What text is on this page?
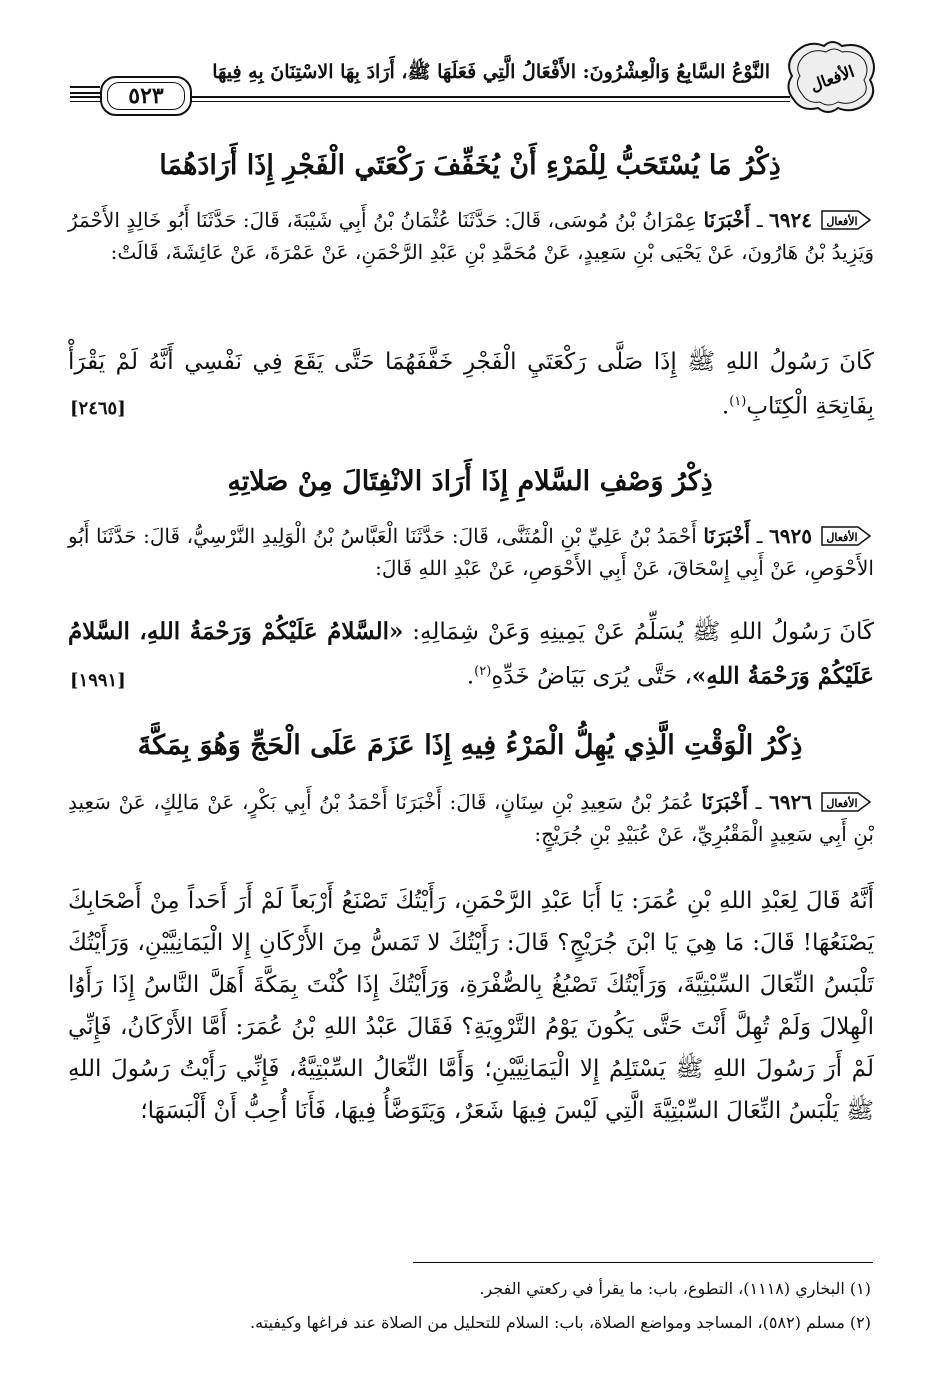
الأفعال
النَّوْعُ السَّابِعُ وَالْعِشْرُونَ: الأَفْعَالُ الَّتِي فَعَلَهَا ﷺ، أَرَادَ بِهَا الاسْتِنَانَ بِهِ فِيهَا
٥٢٣
ذِكْرُ مَا يُسْتَحَبُّ لِلْمَرْءِ أَنْ يُخَفِّفَ رَكْعَتَي الْفَجْرِ إِذَا أَرَادَهُمَا
الأفعال
٦٩٢٤ ـ أَخْبَرَنَا عِمْرَانُ بْنُ مُوسَى، قَالَ: حَدَّثَنَا عُثْمَانُ بْنُ أَبِي شَيْبَةَ، قَالَ: حَدَّثَنَا أَبُو خَالِدٍ الأَحْمَرُ وَيَزِيدُ بْنُ هَارُونَ، عَنْ يَحْيَى بْنِ سَعِيدٍ، عَنْ مُحَمَّدِ بْنِ عَبْدِ الرَّحْمَنِ، عَنْ عَمْرَةَ، عَنْ عَائِشَةَ، قَالَتْ:
كَانَ رَسُولُ اللهِ ﷺ إِذَا صَلَّى رَكْعَتَيِ الْفَجْرِ خَفَّفَهُمَا حَتَّى يَقَعَ فِي نَفْسِي أَنَّهُ لَمْ يَقْرَأْ بِفَاتِحَةِ الْكِتَابِ$^{(١)}$.
[٢٤٦٥]
ذِكْرُ وَصْفِ السَّلامِ إِذَا أَرَادَ الانْفِتَالَ مِنْ صَلاتِهِ
الأفعال
٦٩٢٥ ـ أَخْبَرَنَا أَحْمَدُ بْنُ عَلِيِّ بْنِ الْمُثَنَّى، قَالَ: حَدَّثَنَا الْعَبَّاسُ بْنُ الْوَلِيدِ النَّرْسِيُّ، قَالَ: حَدَّثَنَا أَبُو الأَحْوَصِ، عَنْ أَبِي إِسْحَاقَ، عَنْ أَبِي الأَحْوَصِ، عَنْ عَبْدِ اللهِ قَالَ:
كَانَ رَسُولُ اللهِ ﷺ يُسَلِّمُ عَنْ يَمِينِهِ وَعَنْ شِمَالِهِ: «السَّلامُ عَلَيْكُمْ وَرَحْمَةُ اللهِ، السَّلامُ عَلَيْكُمْ وَرَحْمَةُ اللهِ»، حَتَّى يُرَى بَيَاضُ خَدِّهِ$^{(٢)}$.
[١٩٩١]
ذِكْرُ الْوَقْتِ الَّذِي يُهِلُّ الْمَرْءُ فِيهِ إِذَا عَزَمَ عَلَى الْحَجِّ وَهُوَ بِمَكَّةَ
الأفعال
٦٩٢٦ ـ أَخْبَرَنَا عُمَرُ بْنُ سَعِيدِ بْنِ سِنَانٍ، قَالَ: أَخْبَرَنَا أَحْمَدُ بْنُ أَبِي بَكْرٍ، عَنْ مَالِكٍ، عَنْ سَعِيدِ بْنِ أَبِي سَعِيدٍ الْمَقْبُرِيِّ، عَنْ عُبَيْدِ بْنِ جُرَيْجٍ:
أَنَّهُ قَالَ لِعَبْدِ اللهِ بْنِ عُمَرَ: يَا أَبَا عَبْدِ الرَّحْمَنِ، رَأَيْتُكَ تَصْنَعُ أَرْبَعاً لَمْ أَرَ أَحَداً مِنْ أَصْحَابِكَ يَصْنَعُهَا! قَالَ: مَا هِيَ يَا ابْنَ جُرَيْجٍ؟ قَالَ: رَأَيْتُكَ لا تَمَسُّ مِنَ الأَرْكَانِ إِلا الْيَمَانِيَّيْنِ، وَرَأَيْتُكَ تَلْبَسُ النِّعَالَ السِّبْتِيَّةَ، وَرَأَيْتُكَ تَصْبُغُ بِالصُّفْرَةِ، وَرَأَيْتُكَ إِذَا كُنْتَ بِمَكَّةَ أَهَلَّ النَّاسُ إِذَا رَأَوُا الْهِلالَ وَلَمْ تُهِلَّ أَنْتَ حَتَّى يَكُونَ يَوْمُ التَّرْوِيَةِ؟ فَقَالَ عَبْدُ اللهِ بْنُ عُمَرَ: أَمَّا الأَرْكَانُ، فَإِنِّي لَمْ أَرَ رَسُولَ اللهِ ﷺ يَسْتَلِمُ إِلا الْيَمَانِيَّيْنِ؛ وَأَمَّا النِّعَالُ السِّبْتِيَّةُ، فَإِنِّي رَأَيْتُ رَسُولَ اللهِ ﷺ يَلْبَسُ النِّعَالَ السِّبْتِيَّةَ الَّتِي لَيْسَ فِيهَا شَعَرٌ، وَيَتَوَضَّأُ فِيهَا، فَأَنَا أُحِبُّ أَنْ أَلْبَسَهَا؛
(١) البخاري (١١١٨)، التطوع، باب: ما يقرأ في ركعتي الفجر.
(٢) مسلم (٥٨٢)، المساجد ومواضع الصلاة، باب: السلام للتحليل من الصلاة عند فراغها وكيفيته.
